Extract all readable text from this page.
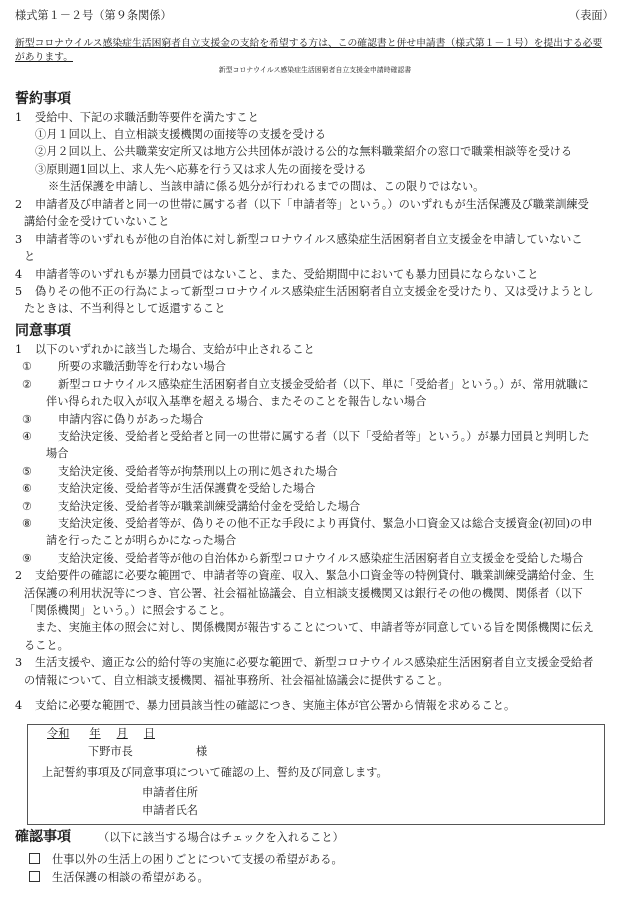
様式第１－２号（第９条関係）	（表面）
新型コロナウイルス感染症生活困窮者自立支援金の支給を希望する方は、この確認書と併せ申請書（様式第１－１号）を提出する必要
があります。
新型コロナウイルス感染症生活困窮者自立支援金申請時確認書
誓約事項
1 受給中、下記の求職活動等要件を満たすこと
①月１回以上、自立相談支援機関の面接等の支援を受ける
②月２回以上、公共職業安定所又は地方公共団体が設ける公的な無料職業紹介の窓口で職業相談等を受ける
③原則週1回以上、求人先へ応募を行う又は求人先の面接を受ける
※生活保護を申請し、当該申請に係る処分が行われるまでの間は、この限りではない。
2 申請者及び申請者と同一の世帯に属する者（以下「申請者等」という。）のいずれもが生活保護及び職業訓練受
講給付金を受けていないこと
3 申請者等のいずれもが他の自治体に対し新型コロナウイルス感染症生活困窮者自立支援金を申請していないこ
と
4 申請者等のいずれもが暴力団員ではないこと、また、受給期間中においても暴力団員にならないこと
5 偽りその他不正の行為によって新型コロナウイルス感染症生活困窮者自立支援金を受けたり、又は受けようとし
たときは、不当利得として返還すること
同意事項
1 以下のいずれかに該当した場合、支給が中止されること
① 所要の求職活動等を行わない場合
② 新型コロナウイルス感染症生活困窮者自立支援金受給者（以下、単に「受給者」という。）が、常用就職に
伴い得られた収入が収入基準を超える場合、またそのことを報告しない場合
③ 申請内容に偽りがあった場合
④ 支給決定後、受給者と受給者と同一の世帯に属する者（以下「受給者等」という。）が暴力団員と判明した
場合
⑤ 支給決定後、受給者等が拘禁刑以上の刑に処された場合
⑥ 支給決定後、受給者等が生活保護費を受給した場合
⑦ 支給決定後、受給者等が職業訓練受講給付金を受給した場合
⑧ 支給決定後、受給者等が、偽りその他不正な手段により再貸付、緊急小口資金又は総合支援資金(初回)の申
請を行ったことが明らかになった場合
⑨ 支給決定後、受給者等が他の自治体から新型コロナウイルス感染症生活困窮者自立支援金を受給した場合
2 支給要件の確認に必要な範囲で、申請者等の資産、収入、緊急小口資金等の特例貸付、職業訓練受講給付金、生
活保護の利用状況等につき、官公署、社会福祉協議会、自立相談支援機関又は銀行その他の機関、関係者（以下
「関係機関」という。）に照会すること。
また、実施主体の照会に対し、関係機関が報告することについて、申請者等が同意している旨を関係機関に伝え
ること。
3 生活支援や、適正な公的給付等の実施に必要な範囲で、新型コロナウイルス感染症生活困窮者自立支援金受給者
の情報について、自立相談支援機関、福祉事務所、社会福祉協議会に提供すること。
4 支給に必要な範囲で、暴力団員該当性の確認につき、実施主体が官公署から情報を求めること。
令和 年 月 日
下野市長	様
上記誓約事項及び同意事項について確認の上、誓約及び同意します。
申請者住所
申請者氏名
確認事項 （以下に該当する場合はチェックを入れること）
仕事以外の生活上の困りごとについて支援の希望がある。
生活保護の相談の希望がある。
